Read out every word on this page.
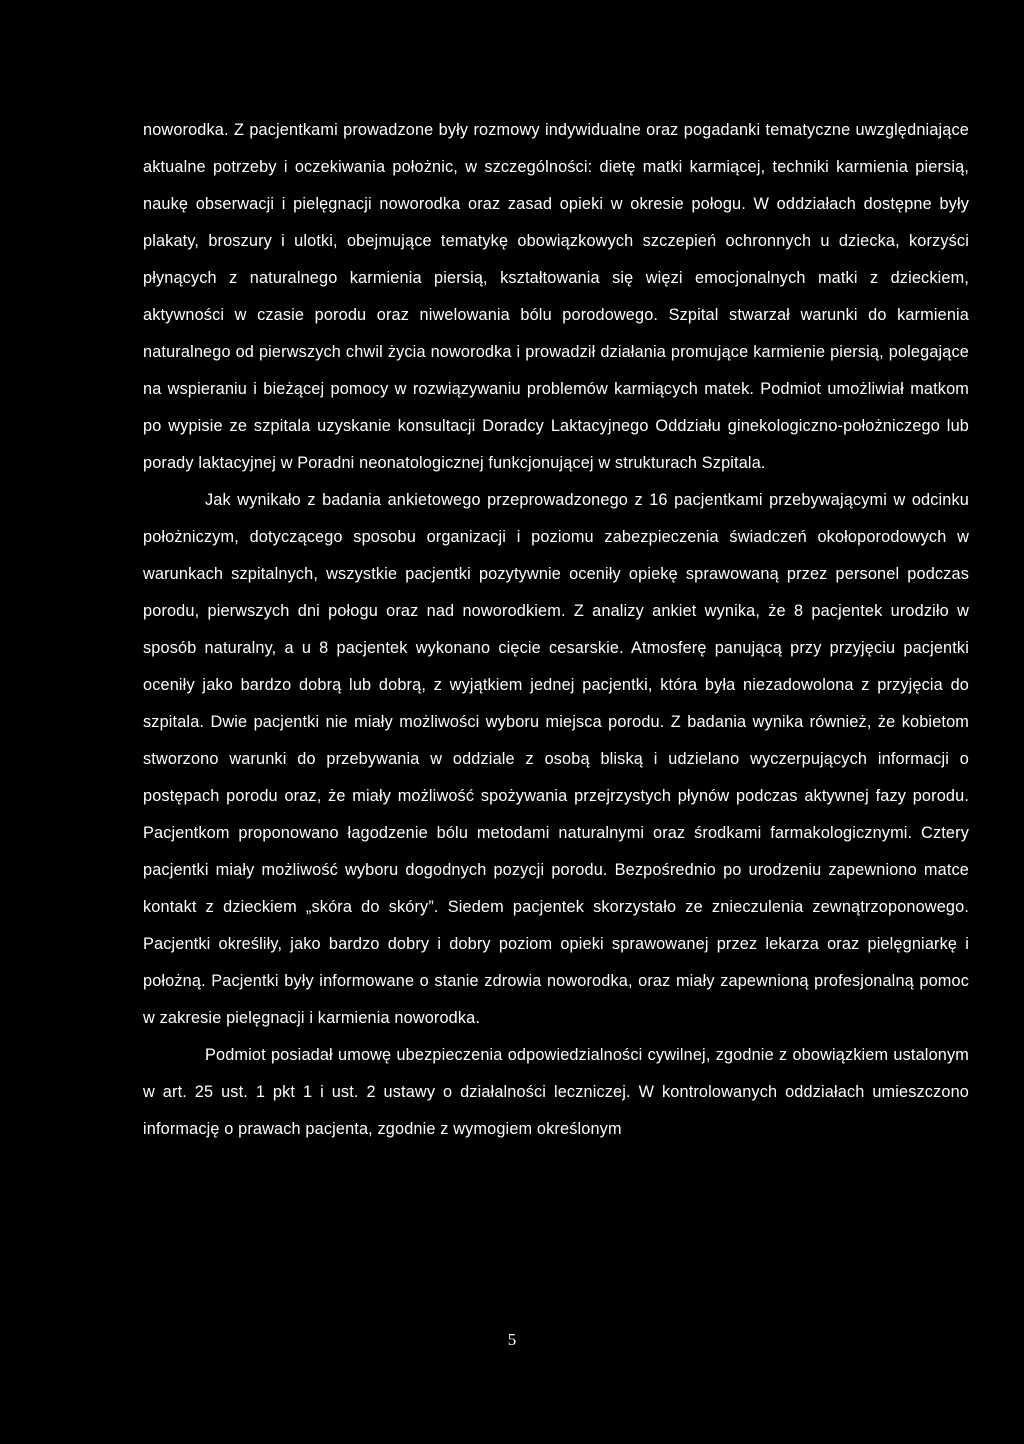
noworodka. Z pacjentkami prowadzone były rozmowy indywidualne oraz pogadanki tematyczne uwzględniające aktualne potrzeby i oczekiwania położnic, w szczególności: dietę matki karmiącej, techniki karmienia piersią, naukę obserwacji i pielęgnacji noworodka oraz zasad opieki w okresie połogu. W oddziałach dostępne były plakaty, broszury i ulotki, obejmujące tematykę obowiązkowych szczepień ochronnych u dziecka, korzyści płynących z naturalnego karmienia piersią, kształtowania się więzi emocjonalnych matki z dzieckiem, aktywności w czasie porodu oraz niwelowania bólu porodowego. Szpital stwarzał warunki do karmienia naturalnego od pierwszych chwil życia noworodka i prowadził działania promujące karmienie piersią, polegające na wspieraniu i bieżącej pomocy w rozwiązywaniu problemów karmiących matek. Podmiot umożliwiał matkom po wypisie ze szpitala uzyskanie konsultacji Doradcy Laktacyjnego Oddziału ginekologiczno-położniczego lub porady laktacyjnej w Poradni neonatologicznej funkcjonującej w strukturach Szpitala.

Jak wynikało z badania ankietowego przeprowadzonego z 16 pacjentkami przebywającymi w odcinku położniczym, dotyczącego sposobu organizacji i poziomu zabezpieczenia świadczeń okołoporodowych w warunkach szpitalnych, wszystkie pacjentki pozytywnie oceniły opiekę sprawowaną przez personel podczas porodu, pierwszych dni połogu oraz nad noworodkiem. Z analizy ankiet wynika, że 8 pacjentek urodziło w sposób naturalny, a u 8 pacjentek wykonano cięcie cesarskie. Atmosferę panującą przy przyjęciu pacjentki oceniły jako bardzo dobrą lub dobrą, z wyjątkiem jednej pacjentki, która była niezadowolona z przyjęcia do szpitala. Dwie pacjentki nie miały możliwości wyboru miejsca porodu. Z badania wynika również, że kobietom stworzono warunki do przebywania w oddziale z osobą bliską i udzielano wyczerpujących informacji o postępach porodu oraz, że miały możliwość spożywania przejrzystych płynów podczas aktywnej fazy porodu. Pacjentkom proponowano łagodzenie bólu metodami naturalnymi oraz środkami farmakologicznymi. Cztery pacjentki miały możliwość wyboru dogodnych pozycji porodu. Bezpośrednio po urodzeniu zapewniono matce kontakt z dzieckiem „skóra do skóry”. Siedem pacjentek skorzystało ze znieczulenia zewnątrzoponowego. Pacjentki określiły, jako bardzo dobry i dobry poziom opieki sprawowanej przez lekarza oraz pielęgniarkę i położną. Pacjentki były informowane o stanie zdrowia noworodka, oraz miały zapewnioną profesjonalną pomoc w zakresie pielęgnacji i karmienia noworodka.

Podmiot posiadał umowę ubezpieczenia odpowiedzialności cywilnej, zgodnie z obowiązkiem ustalonym w art. 25 ust. 1 pkt 1 i ust. 2 ustawy o działalności leczniczej. W kontrolowanych oddziałach umieszczono informację o prawach pacjenta, zgodnie z wymogiem określonym

5
